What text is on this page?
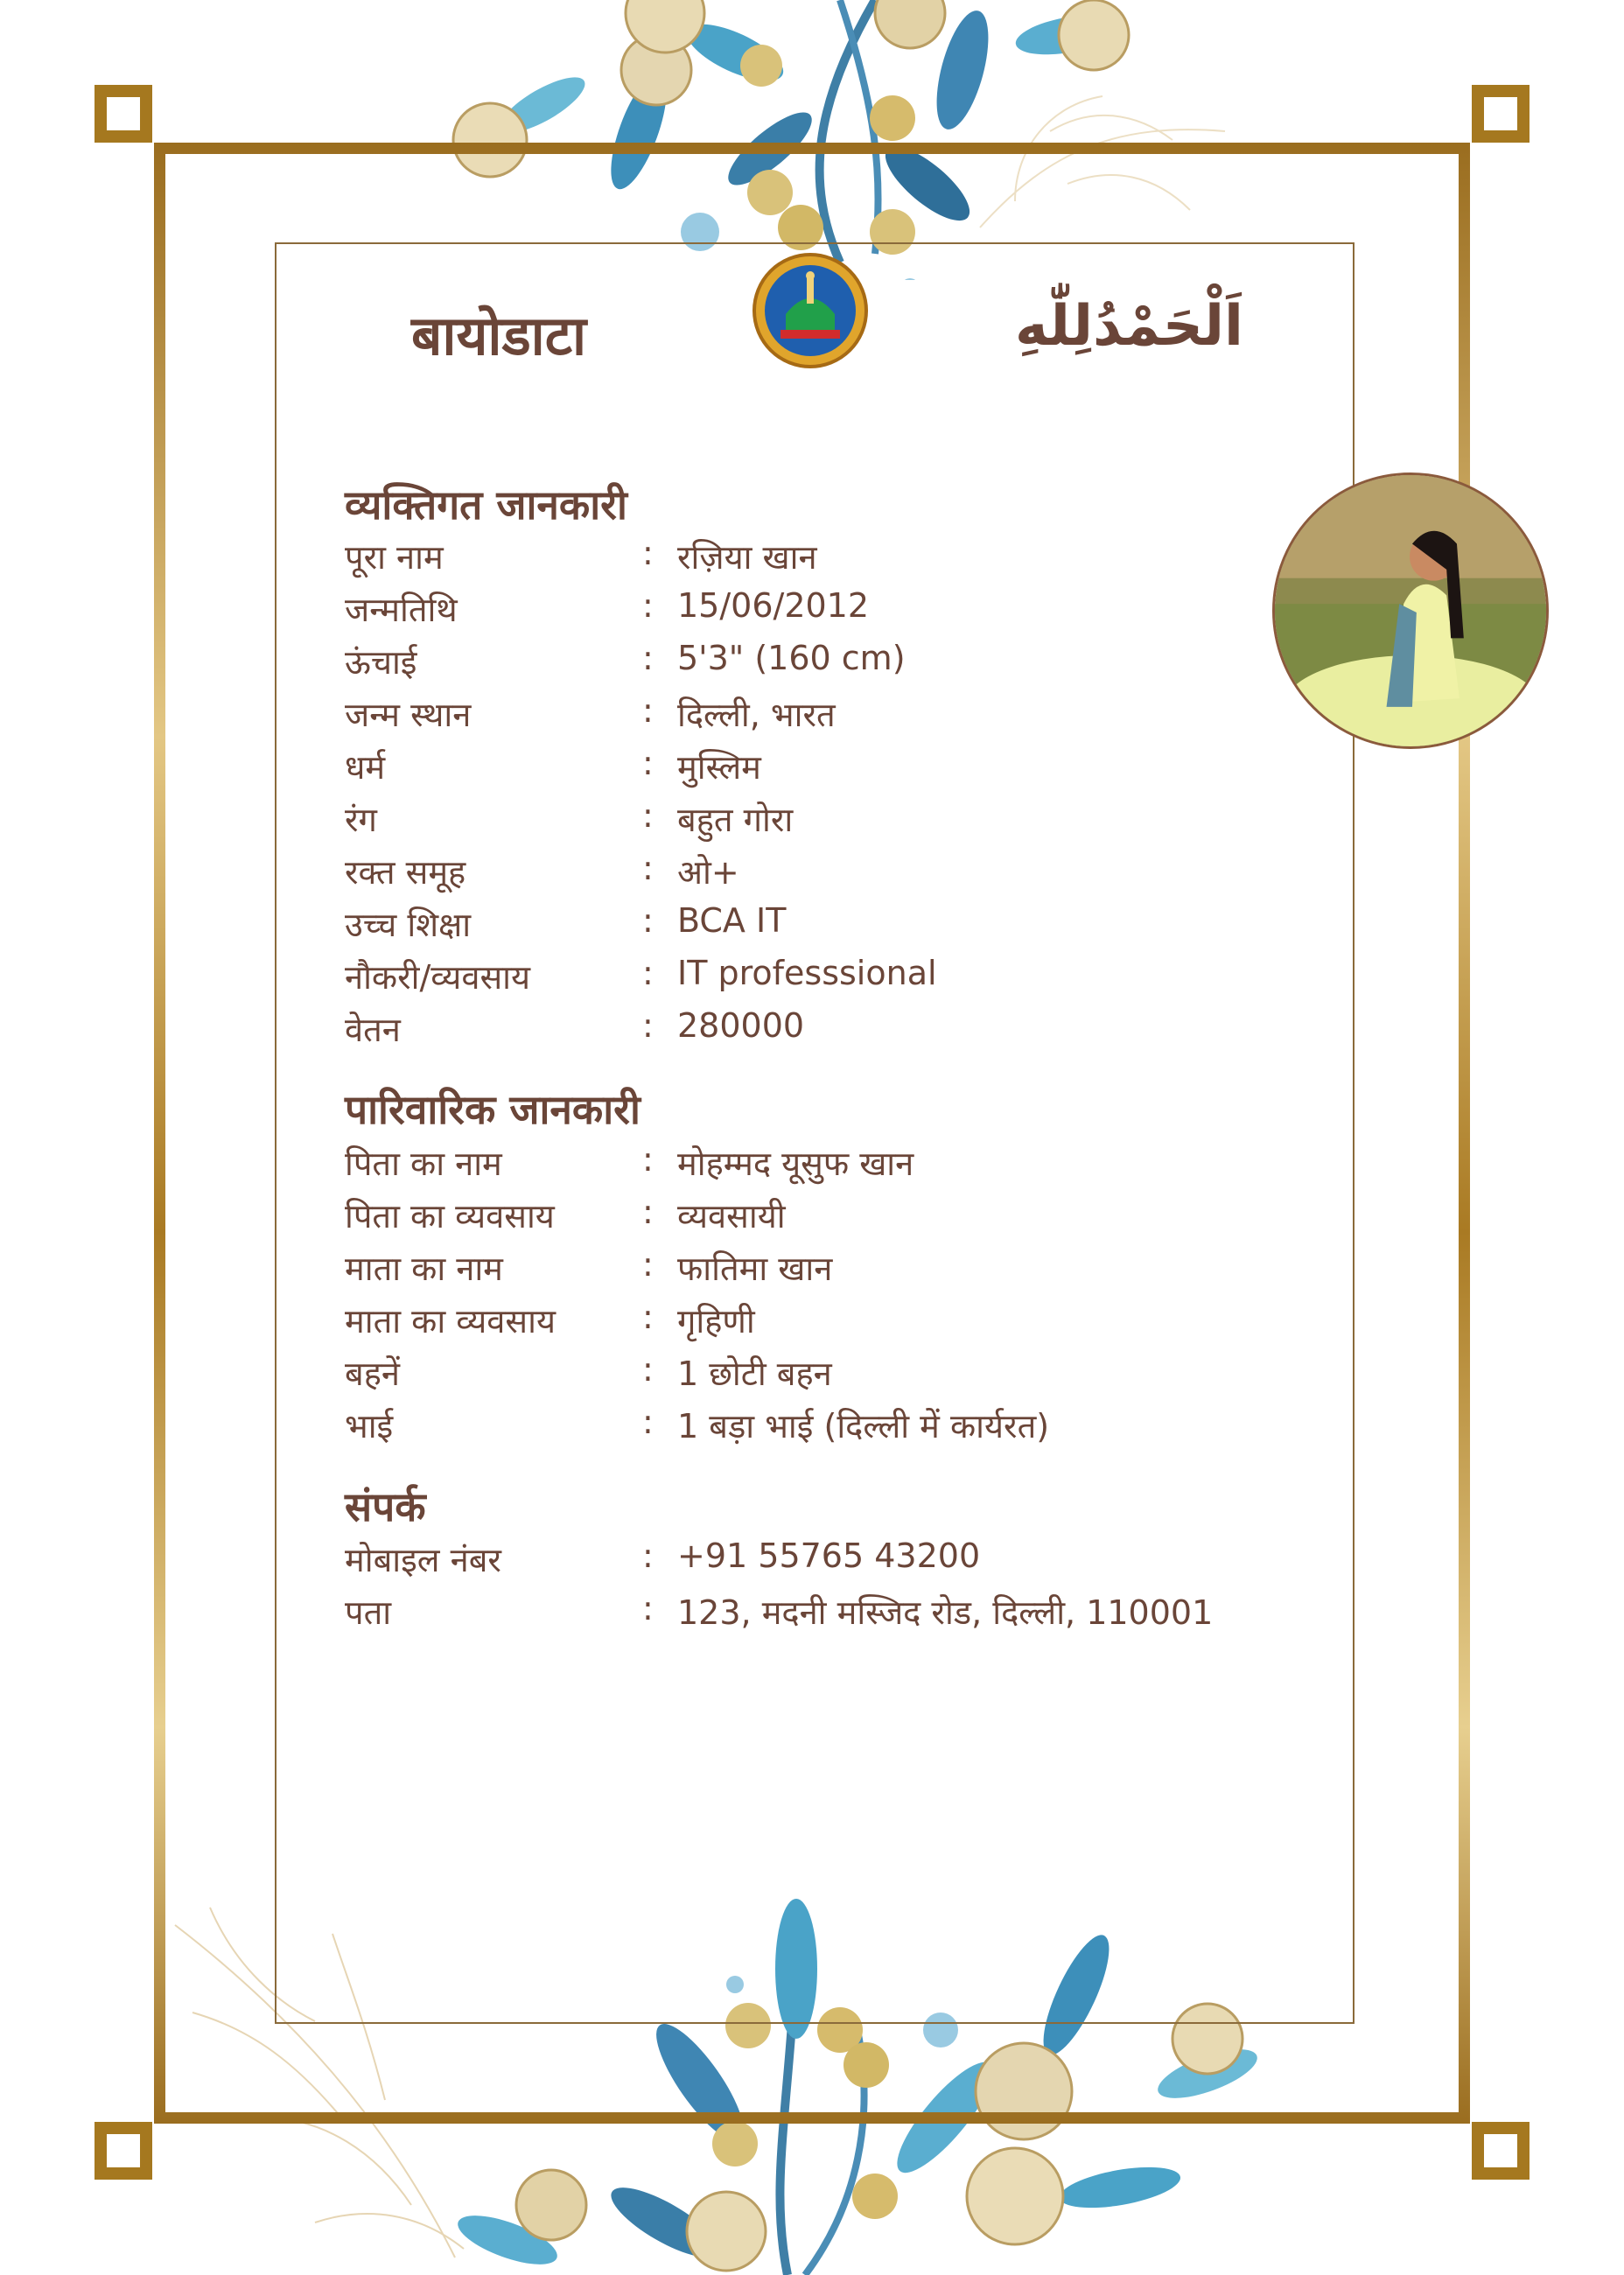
बायोडाटा	اَلْحَمْدُلِلّٰهِ
व्यक्तिगत जानकारी
पूरा नाम	: रज़िया खान
जन्मतिथि	: 15/06/2012
ऊंचाई	: 5'3" (160 cm)
जन्म स्थान	: दिल्ली, भारत
धर्म	: मुस्लिम
रंग	: बहुत गोरा
रक्त समूह	: ओ+
उच्च शिक्षा	: BCA IT
नौकरी/व्यवसाय	: IT professsional
वेतन	: 280000
पारिवारिक जानकारी
पिता का नाम	: मोहम्मद यूसुफ खान
पिता का व्यवसाय	: व्यवसायी
माता का नाम	: फातिमा खान
माता का व्यवसाय	: गृहिणी
बहनें	: 1 छोटी बहन
भाई	: 1 बड़ा भाई (दिल्ली में कार्यरत)
संपर्क
मोबाइल नंबर	: +91 55765 43200
पता	: 123, मदनी मस्जिद रोड, दिल्ली, 110001
